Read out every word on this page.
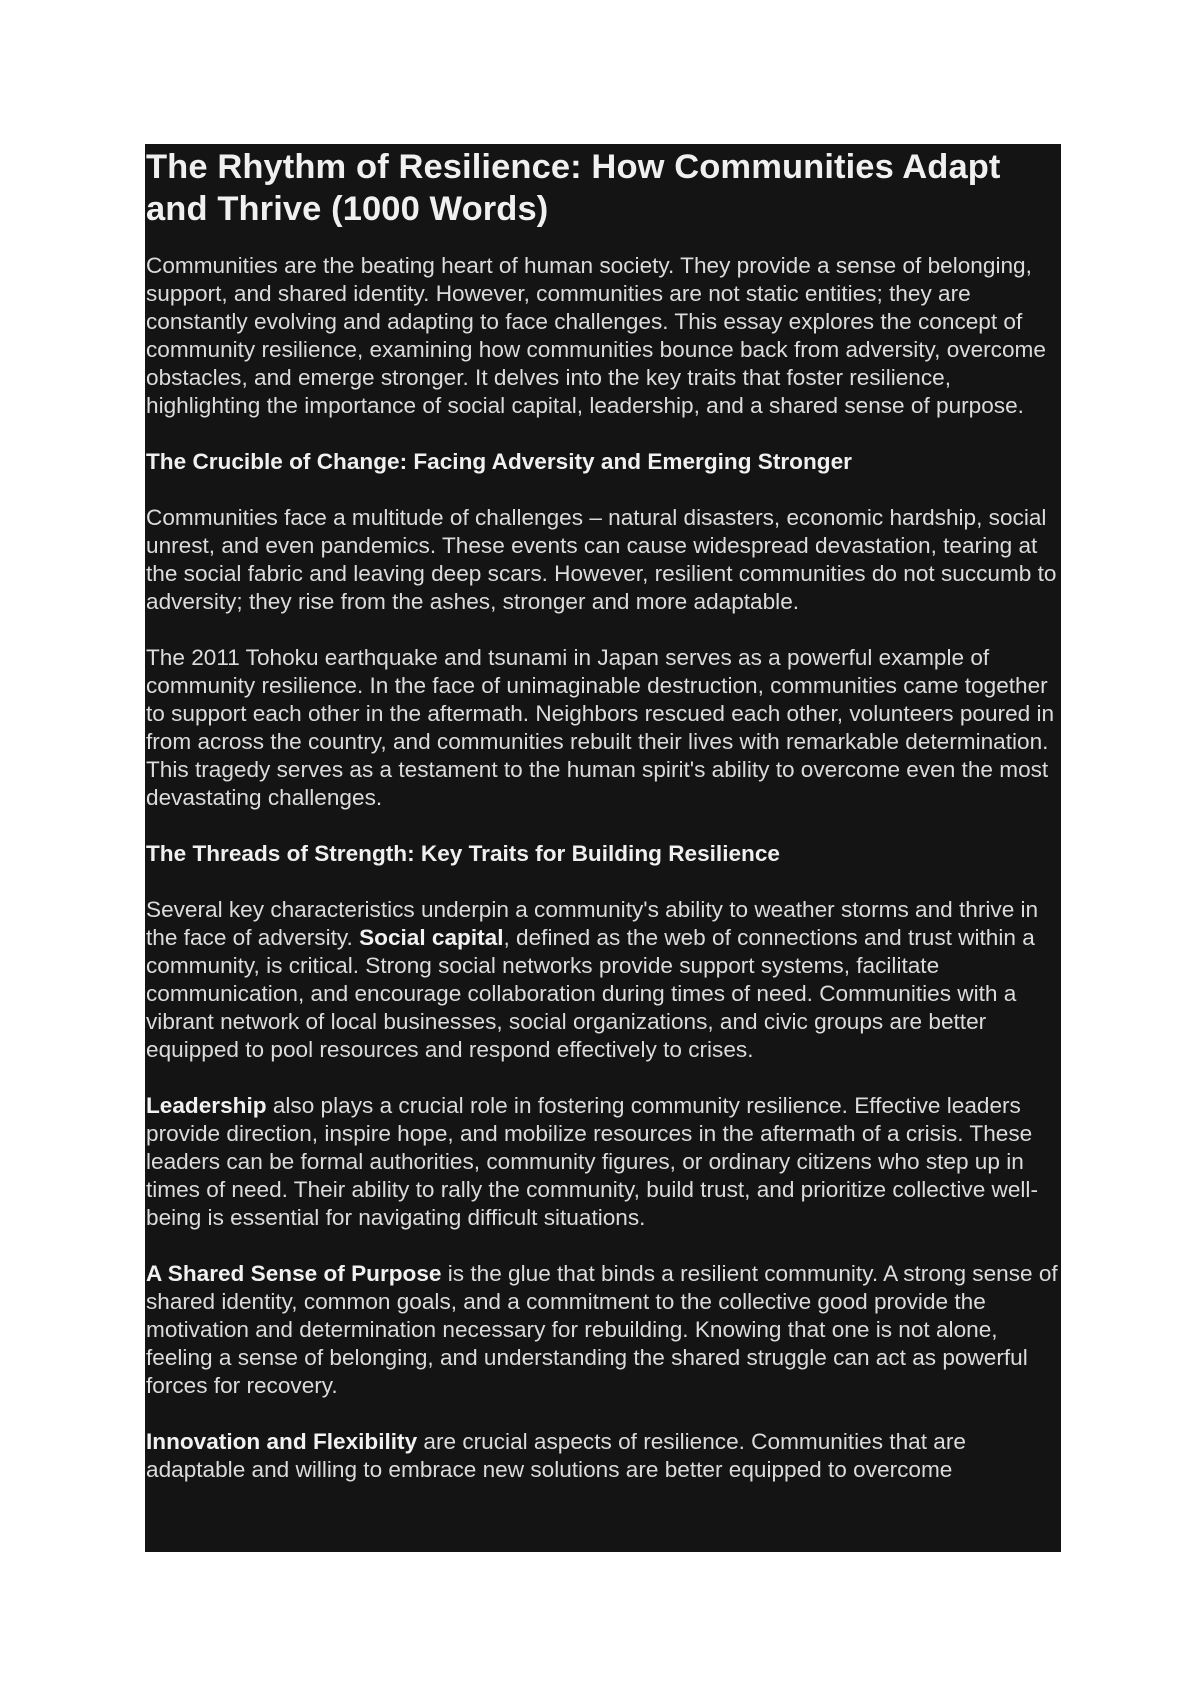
The Rhythm of Resilience: How Communities Adapt and Thrive (1000 Words)

Communities are the beating heart of human society. They provide a sense of belonging, support, and shared identity. However, communities are not static entities; they are constantly evolving and adapting to face challenges. This essay explores the concept of community resilience, examining how communities bounce back from adversity, overcome obstacles, and emerge stronger. It delves into the key traits that foster resilience, highlighting the importance of social capital, leadership, and a shared sense of purpose.

The Crucible of Change: Facing Adversity and Emerging Stronger

Communities face a multitude of challenges – natural disasters, economic hardship, social unrest, and even pandemics. These events can cause widespread devastation, tearing at the social fabric and leaving deep scars. However, resilient communities do not succumb to adversity; they rise from the ashes, stronger and more adaptable.

The 2011 Tohoku earthquake and tsunami in Japan serves as a powerful example of community resilience. In the face of unimaginable destruction, communities came together to support each other in the aftermath. Neighbors rescued each other, volunteers poured in from across the country, and communities rebuilt their lives with remarkable determination. This tragedy serves as a testament to the human spirit's ability to overcome even the most devastating challenges.

The Threads of Strength: Key Traits for Building Resilience

Several key characteristics underpin a community's ability to weather storms and thrive in the face of adversity. Social capital, defined as the web of connections and trust within a community, is critical. Strong social networks provide support systems, facilitate communication, and encourage collaboration during times of need. Communities with a vibrant network of local businesses, social organizations, and civic groups are better equipped to pool resources and respond effectively to crises.

Leadership also plays a crucial role in fostering community resilience. Effective leaders provide direction, inspire hope, and mobilize resources in the aftermath of a crisis. These leaders can be formal authorities, community figures, or ordinary citizens who step up in times of need. Their ability to rally the community, build trust, and prioritize collective well-being is essential for navigating difficult situations.

A Shared Sense of Purpose is the glue that binds a resilient community. A strong sense of shared identity, common goals, and a commitment to the collective good provide the motivation and determination necessary for rebuilding. Knowing that one is not alone, feeling a sense of belonging, and understanding the shared struggle can act as powerful forces for recovery.

Innovation and Flexibility are crucial aspects of resilience. Communities that are adaptable and willing to embrace new solutions are better equipped to overcome
